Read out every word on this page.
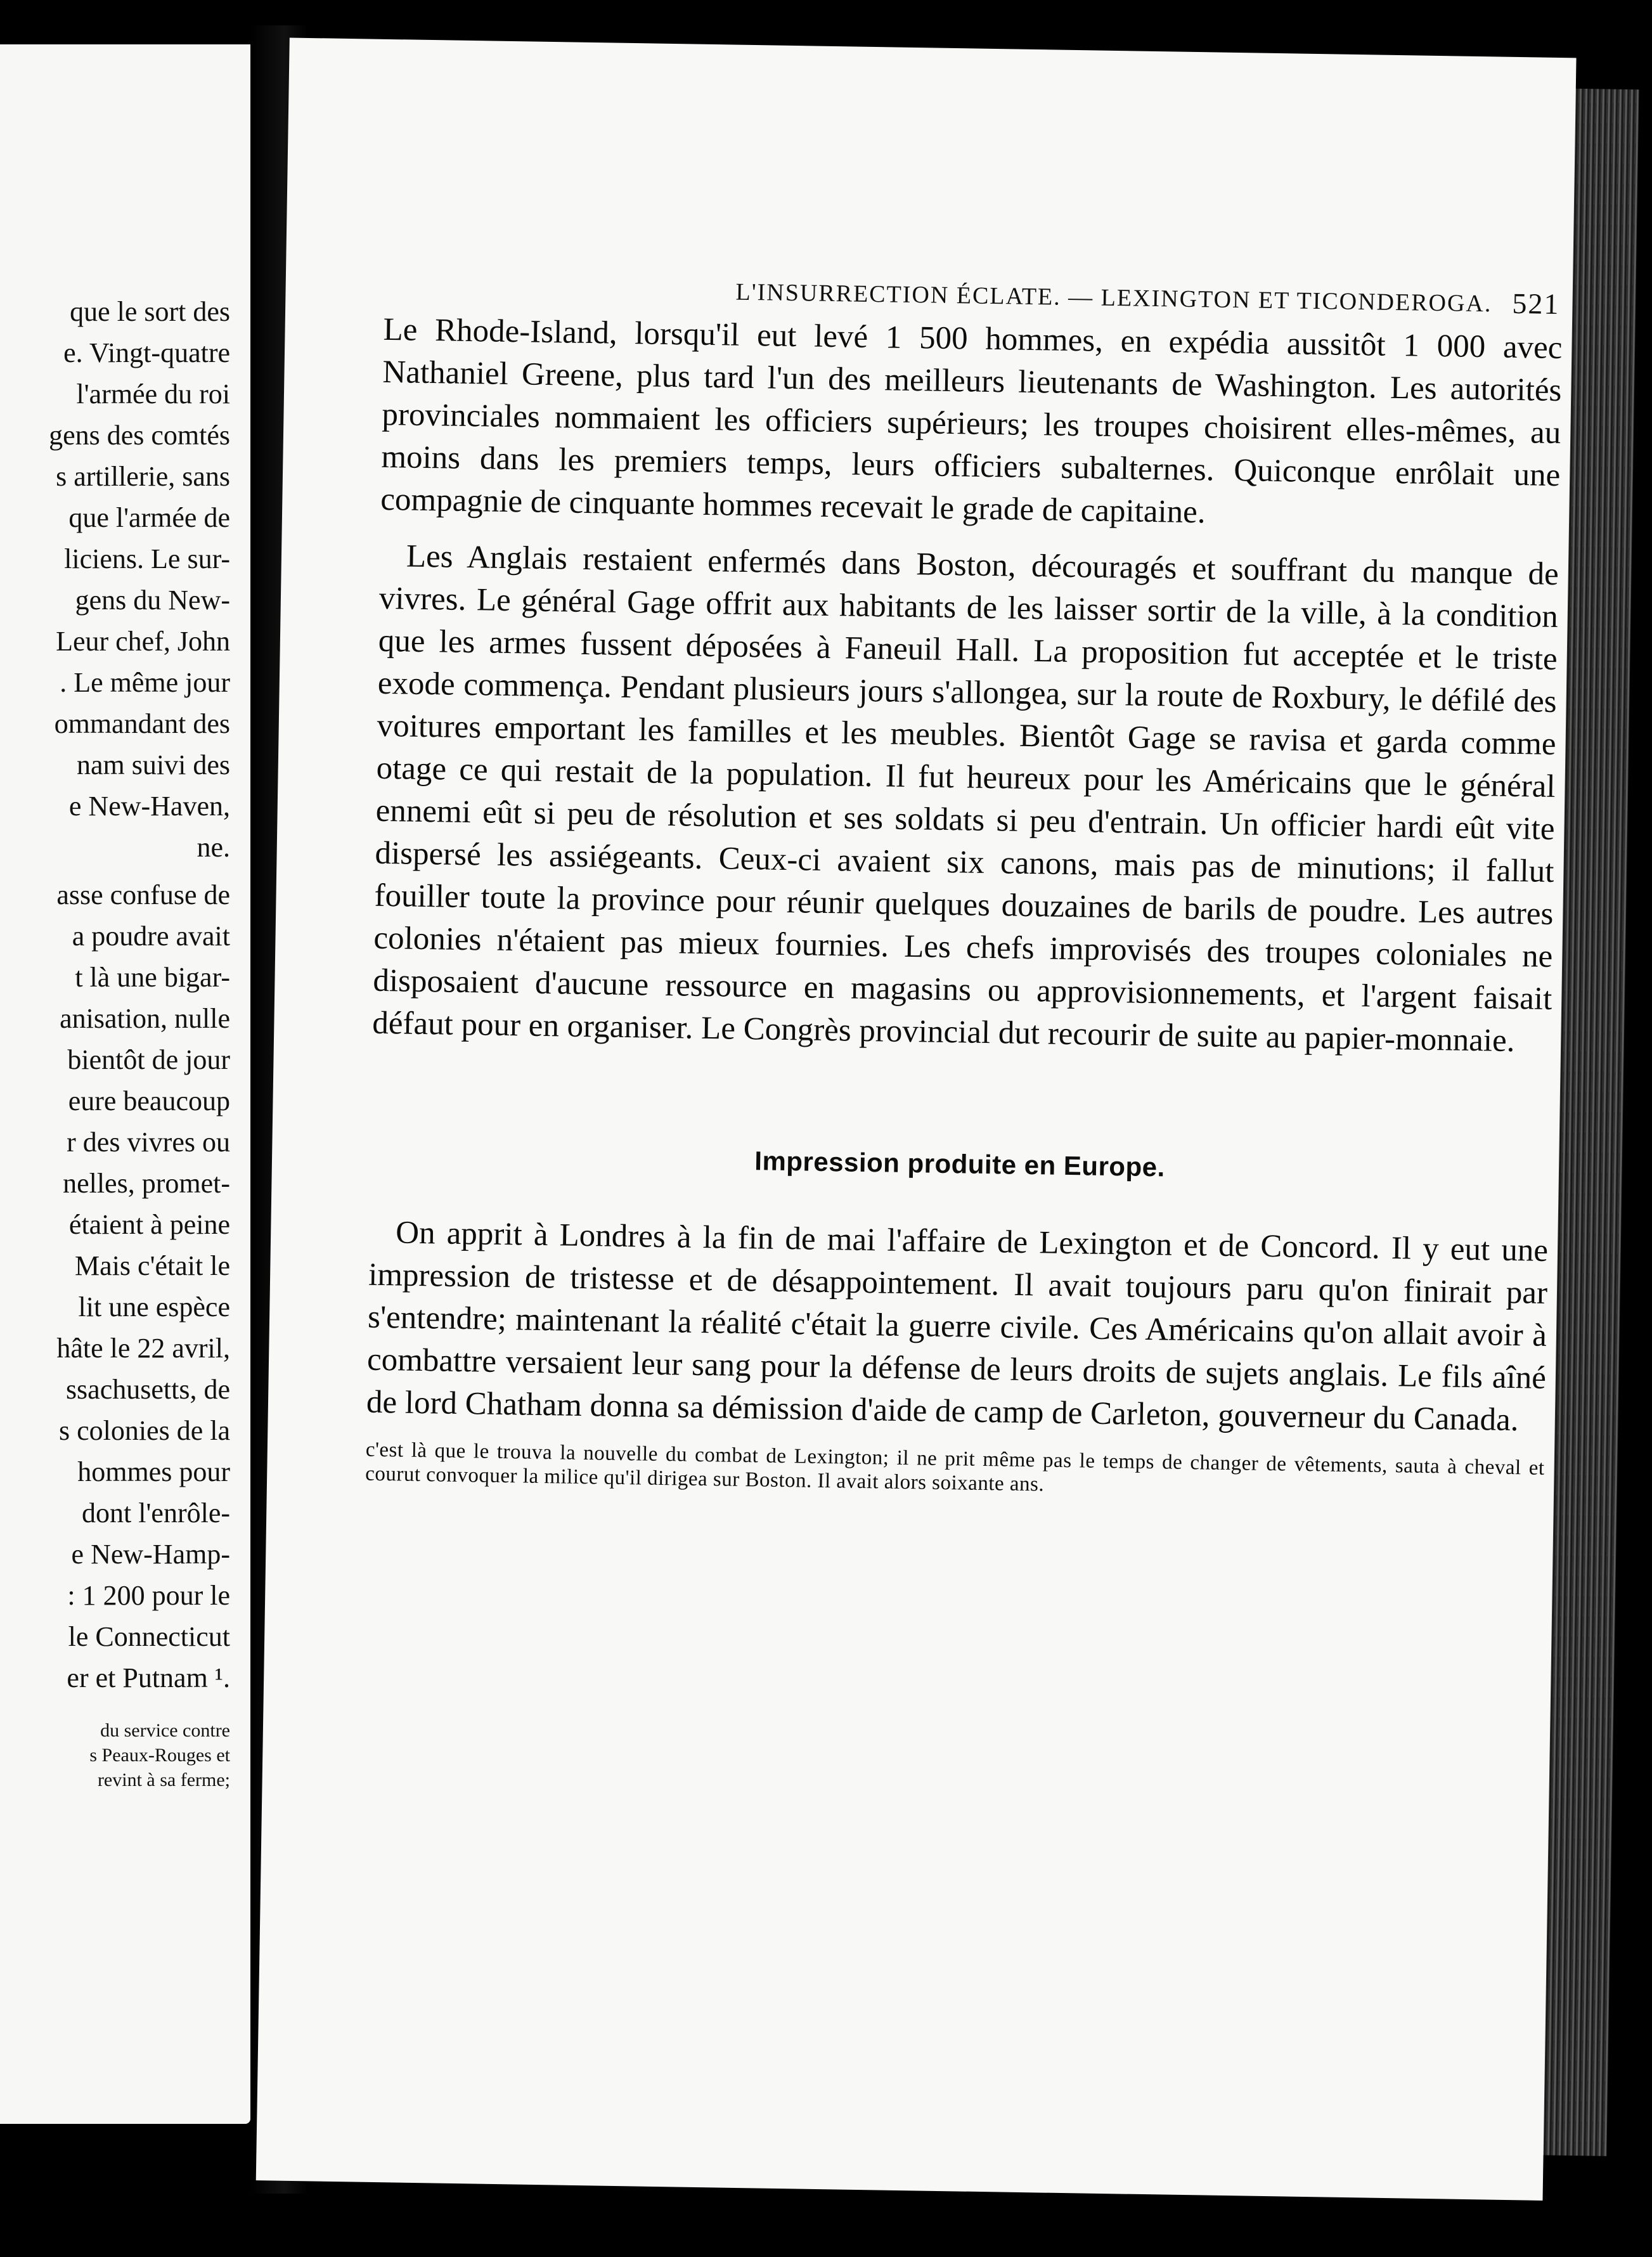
que le sort des
e. Vingt-quatre
l'armée du roi
gens des comtés
s artillerie, sans
que l'armée de
liciens. Le sur-
gens du New-
Leur chef, John
. Le même jour
ommandant des
nam suivi des
e New-Haven,
ne.
asse confuse de
a poudre avait
t là une bigar-
anisation, nulle
bientôt de jour
eure beaucoup
r des vivres ou
nelles, promet-
étaient à peine
Mais c'était le
lit une espèce
hâte le 22 avril,
ssachusetts, de
s colonies de la
hommes pour
dont l'enrôle-
e New-Hamp-
: 1 200 pour le
le Connecticut
er et Putnam ¹.
du service contre
s Peaux-Rouges et
revint à sa ferme;
L'INSURRECTION ÉCLATE. — LEXINGTON ET TICONDEROGA. 521

Le Rhode-Island, lorsqu'il eut levé 1 500 hommes, en expédia aussitôt 1 000 avec Nathaniel Greene, plus tard l'un des meilleurs lieutenants de Washington. Les autorités provinciales nommaient les officiers supérieurs; les troupes choisirent elles-mêmes, au moins dans les premiers temps, leurs officiers subalternes. Quiconque enrôlait une compagnie de cinquante hommes recevait le grade de capitaine.

Les Anglais restaient enfermés dans Boston, découragés et souffrant du manque de vivres. Le général Gage offrit aux habitants de les laisser sortir de la ville, à la condition que les armes fussent déposées à Faneuil Hall. La proposition fut acceptée et le triste exode commença. Pendant plusieurs jours s'allongea, sur la route de Roxbury, le défilé des voitures emportant les familles et les meubles. Bientôt Gage se ravisa et garda comme otage ce qui restait de la population. Il fut heureux pour les Américains que le général ennemi eût si peu de résolution et ses soldats si peu d'entrain. Un officier hardi eût vite dispersé les assiégeants. Ceux-ci avaient six canons, mais pas de minutions; il fallut fouiller toute la province pour réunir quelques douzaines de barils de poudre. Les autres colonies n'étaient pas mieux fournies. Les chefs improvisés des troupes coloniales ne disposaient d'aucune ressource en magasins ou approvisionnements, et l'argent faisait défaut pour en organiser. Le Congrès provincial dut recourir de suite au papier-monnaie.

Impression produite en Europe.

On apprit à Londres à la fin de mai l'affaire de Lexington et de Concord. Il y eut une impression de tristesse et de désappointement. Il avait toujours paru qu'on finirait par s'entendre; maintenant la réalité c'était la guerre civile. Ces Américains qu'on allait avoir à combattre versaient leur sang pour la défense de leurs droits de sujets anglais. Le fils aîné de lord Chatham donna sa démission d'aide de camp de Carleton, gouverneur du Canada.

c'est là que le trouva la nouvelle du combat de Lexington; il ne prit même pas le temps de changer de vêtements, sauta à cheval et courut convoquer la milice qu'il dirigea sur Boston. Il avait alors soixante ans.
